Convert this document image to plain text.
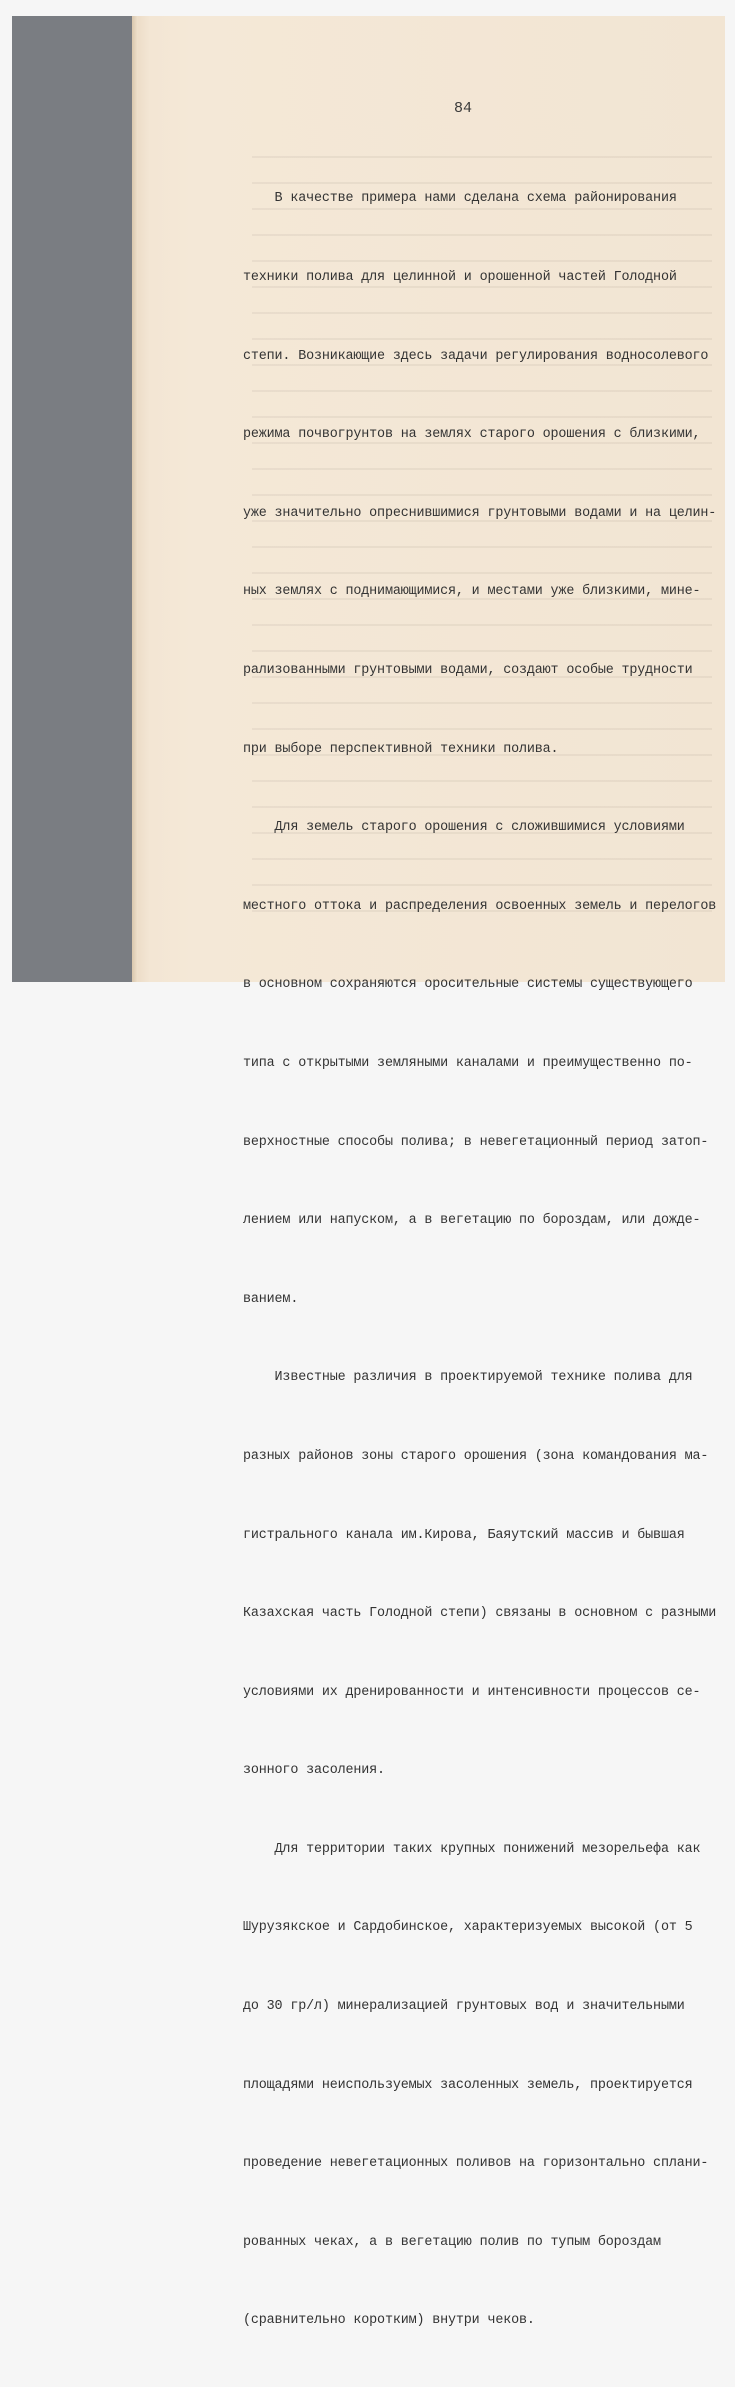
84

В качестве примера нами сделана схема районирования

техники полива для целинной и орошенной частей Голодной

степи. Возникающие здесь задачи регулирования водносолевого

режима почвогрунтов на землях старого орошения с близкими,

уже значительно опреснившимися грунтовыми водами и на целин-

ных землях с поднимающимися, и местами уже близкими, мине-

рализованными грунтовыми водами, создают особые трудности

при выборе перспективной техники полива.

Для земель старого орошения с сложившимися условиями

местного оттока и распределения освоенных земель и перелогов

в основном сохраняются оросительные системы существующего

типа с открытыми земляными каналами и преимущественно по-

верхностные способы полива; в невегетационный период затоп-

лением или напуском, а в вегетацию по бороздам, или дожде-

ванием.

Известные различия в проектируемой технике полива для

разных районов зоны старого орошения (зона командования ма-

гистрального канала им.Кирова, Баяутский массив и бывшая

Казахская часть Голодной степи) связаны в основном с разными

условиями их дренированности и интенсивности процессов се-

зонного засоления.

Для территории таких крупных понижений мезорельефа как

Шурузякское и Сардобинское, характеризуемых высокой (от 5

до 30 гр/л) минерализацией грунтовых вод и значительными

площадями неиспользуемых засоленных земель, проектируется

проведение невегетационных поливов на горизонтально сплани-

рованных чеках, а в вегетацию полив по тупым бороздам

(сравнительно коротким) внутри чеков.
